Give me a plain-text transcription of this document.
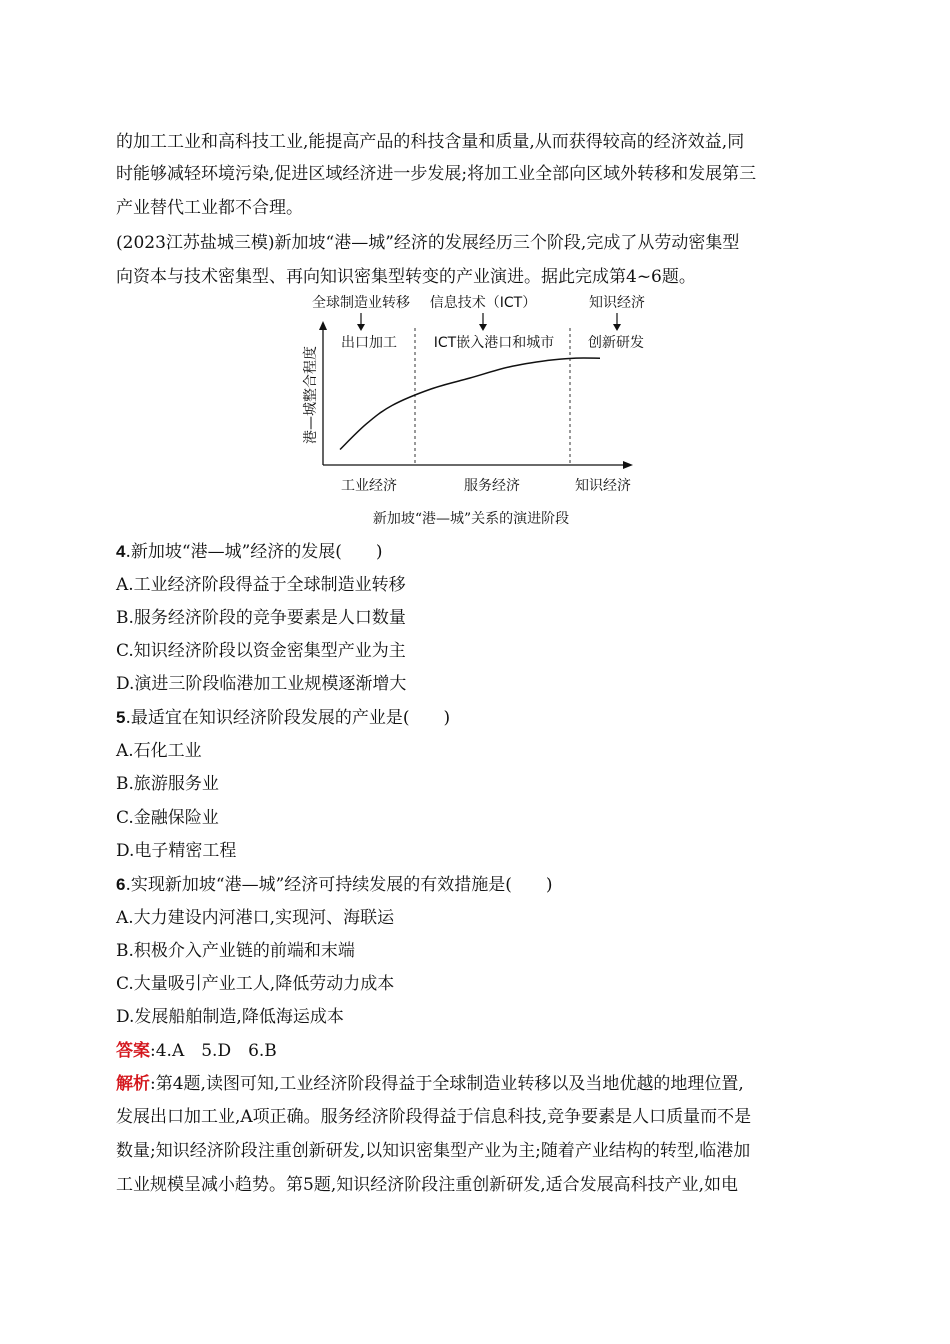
的加工工业和高科技工业,能提高产品的科技含量和质量,从而获得较高的经济效益,同
时能够减轻环境污染,促进区域经济进一步发展;将加工业全部向区域外转移和发展第三
产业替代工业都不合理。
(2023江苏盐城三模)新加坡“港—城”经济的发展经历三个阶段,完成了从劳动密集型
向资本与技术密集型、再向知识密集型转变的产业演进。据此完成第4~6题。
全球制造业转移 信息技术（ICT）	知识经济
出口加工	ICT嵌入港口和城市 创新研发
港—城整合程度
工业经济	服务经济	知识经济
新加坡“港—城”关系的演进阶段
4.新加坡“港—城”经济的发展(　　)
A.工业经济阶段得益于全球制造业转移
B.服务经济阶段的竞争要素是人口数量
C.知识经济阶段以资金密集型产业为主
D.演进三阶段临港加工业规模逐渐增大
5.最适宜在知识经济阶段发展的产业是(　　)
A.石化工业
B.旅游服务业
C.金融保险业
D.电子精密工程
6.实现新加坡“港—城”经济可持续发展的有效措施是(　　)
A.大力建设内河港口,实现河、海联运
B.积极介入产业链的前端和末端
C.大量吸引产业工人,降低劳动力成本
D.发展船舶制造,降低海运成本
答案:4.A　5.D　6.B
解析:第4题,读图可知,工业经济阶段得益于全球制造业转移以及当地优越的地理位置,
发展出口加工业,A项正确。服务经济阶段得益于信息科技,竞争要素是人口质量而不是
数量;知识经济阶段注重创新研发,以知识密集型产业为主;随着产业结构的转型,临港加
工业规模呈减小趋势。第5题,知识经济阶段注重创新研发,适合发展高科技产业,如电
